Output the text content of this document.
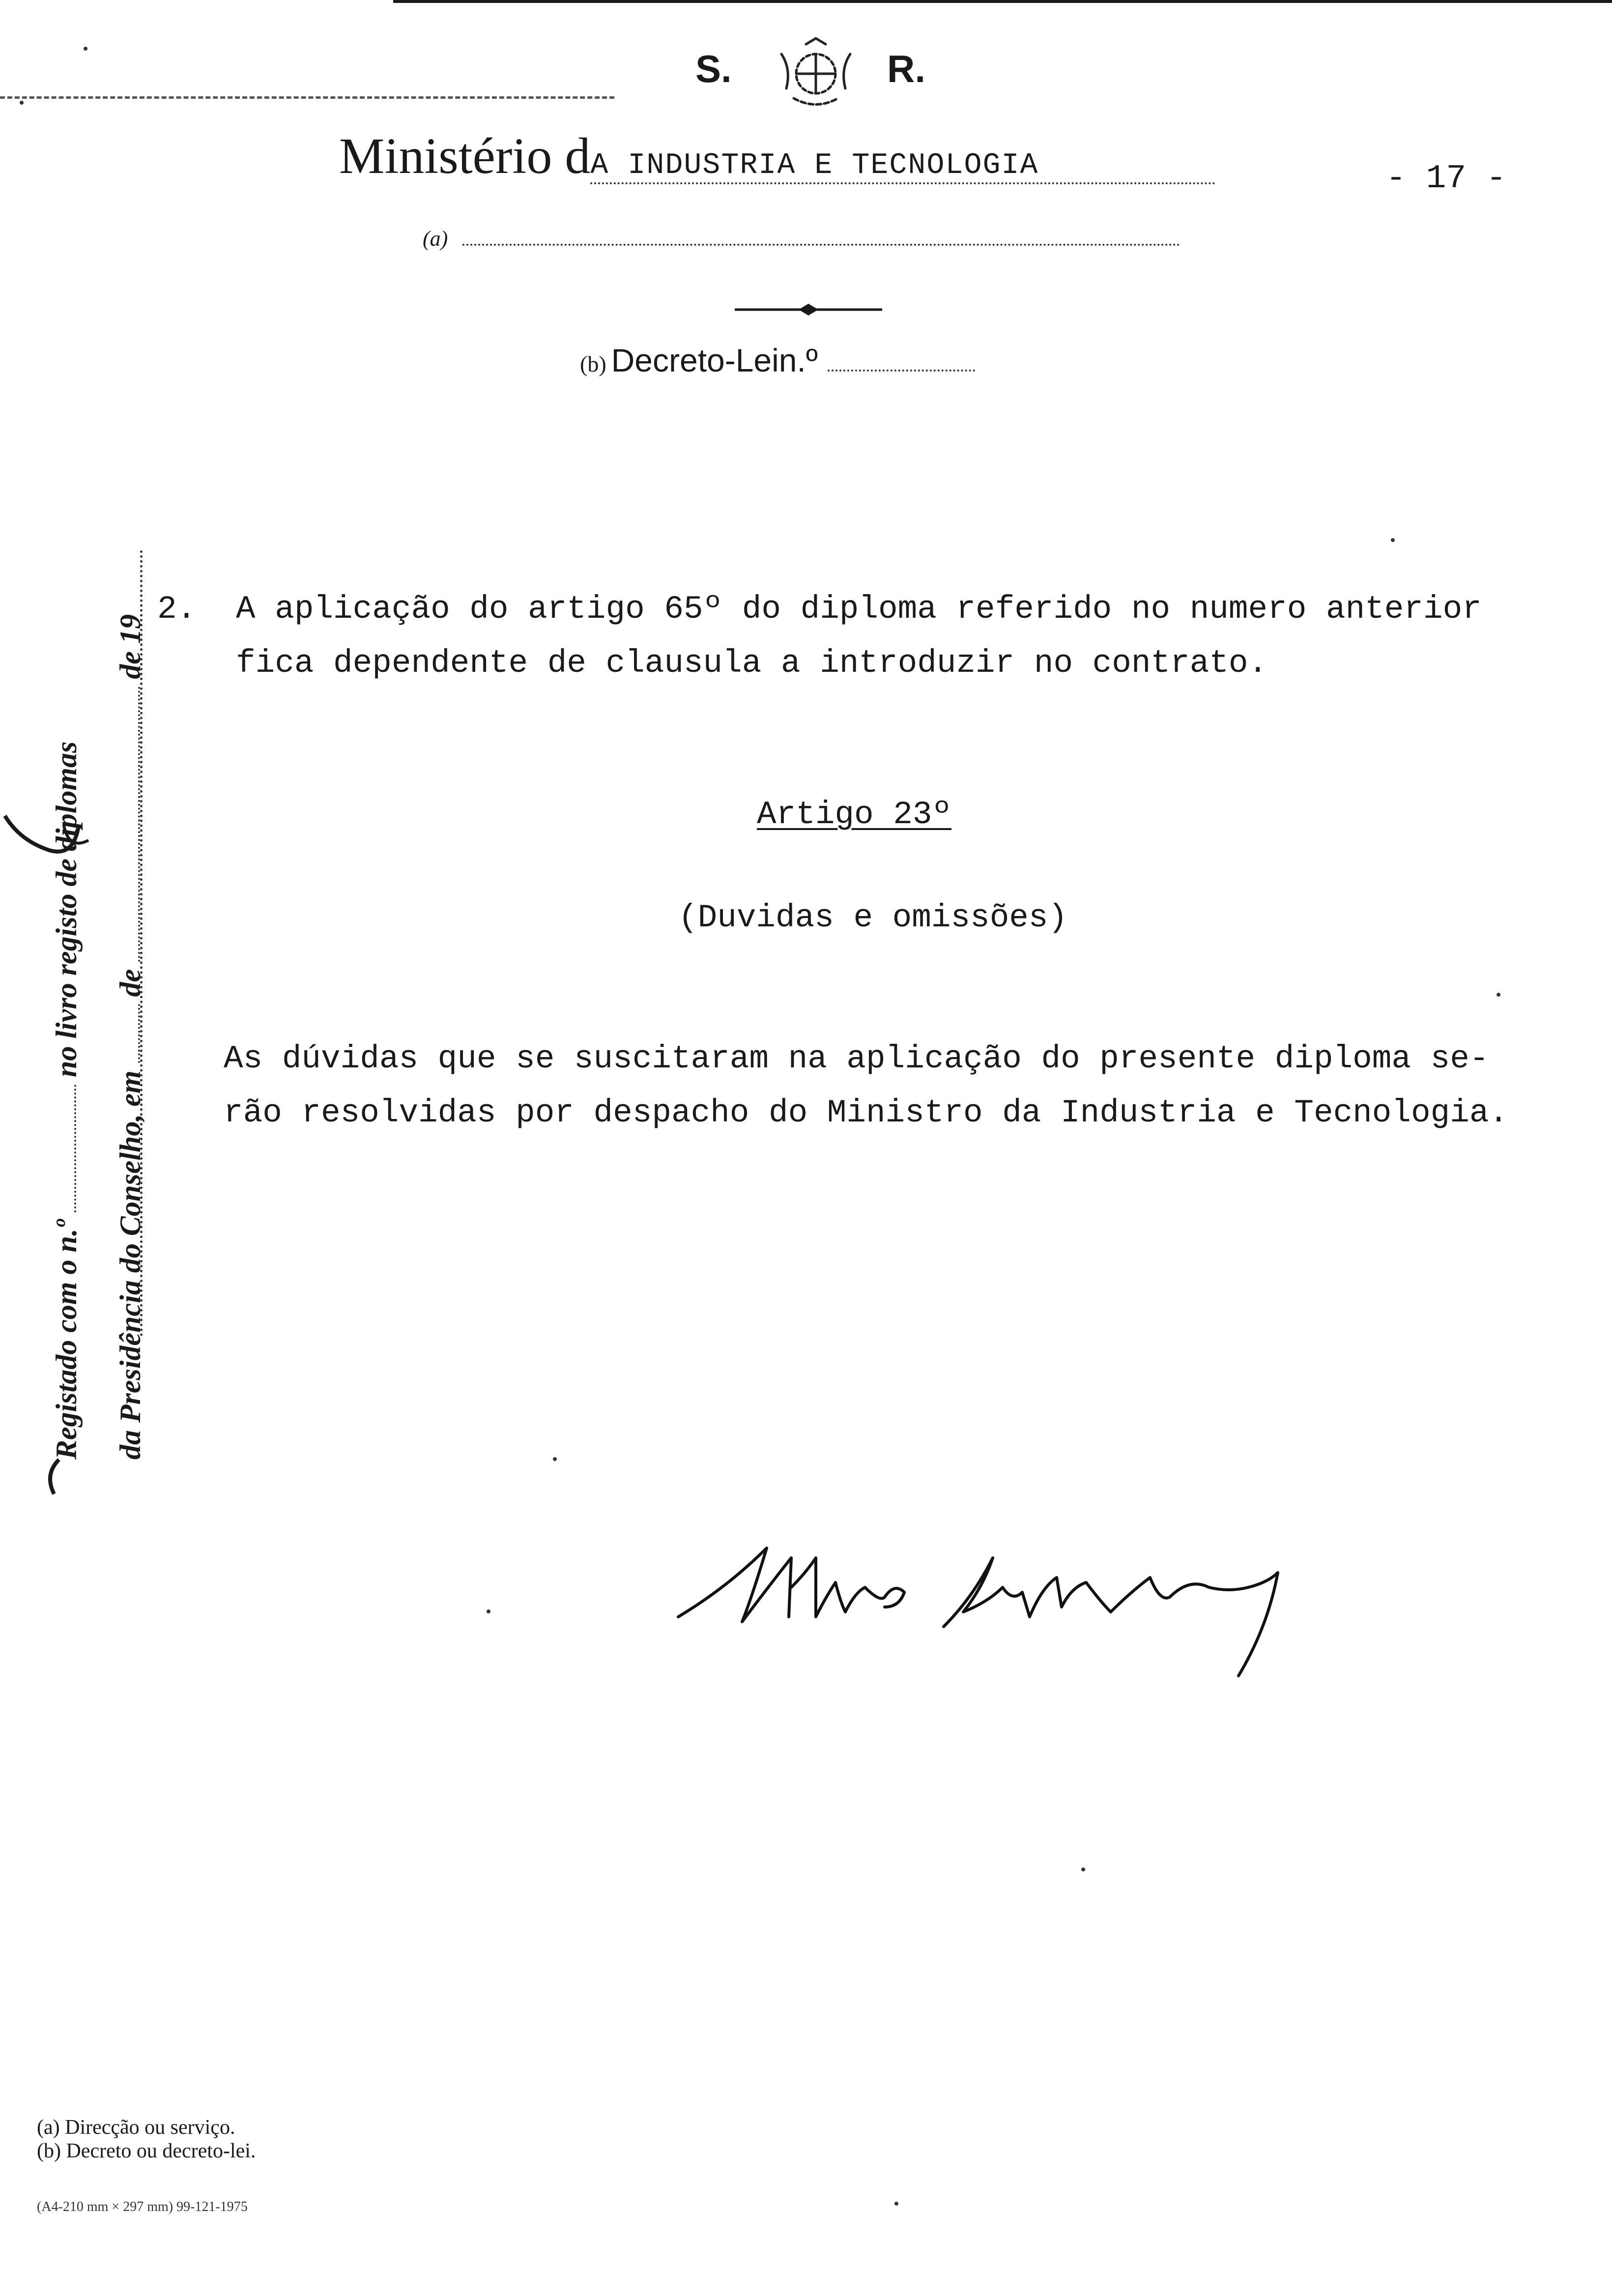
S.	R.
Ministério dA INDUSTRIA E TECNOLOGIA	- 17 -
(a)
(b) Decreto-Lein.º
Registado com o n.º  no livro registo de diplomas
da Presidência do Conselho, em  de  de 19
2. A aplicação do artigo 65º do diploma referido no numero anterior
fica dependente de clausula a introduzir no contrato.
Artigo 23º
(Duvidas e omissões)
As dúvidas que se suscitaram na aplicação do presente diploma se-
rão resolvidas por despacho do Ministro da Industria e Tecnologia.
(a) Direcção ou serviço.
(b) Decreto ou decreto-lei.
(A4-210 mm × 297 mm) 99-121-1975
